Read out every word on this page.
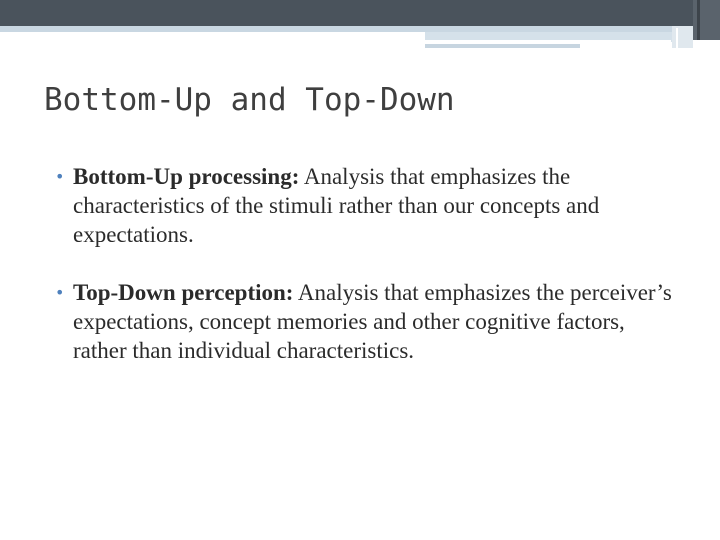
Bottom-Up and Top-Down
• Bottom-Up processing: Analysis that emphasizes the characteristics of the stimuli rather than our concepts and expectations.
• Top-Down perception: Analysis that emphasizes the perceiver’s expectations, concept memories and other cognitive factors, rather than individual characteristics.
